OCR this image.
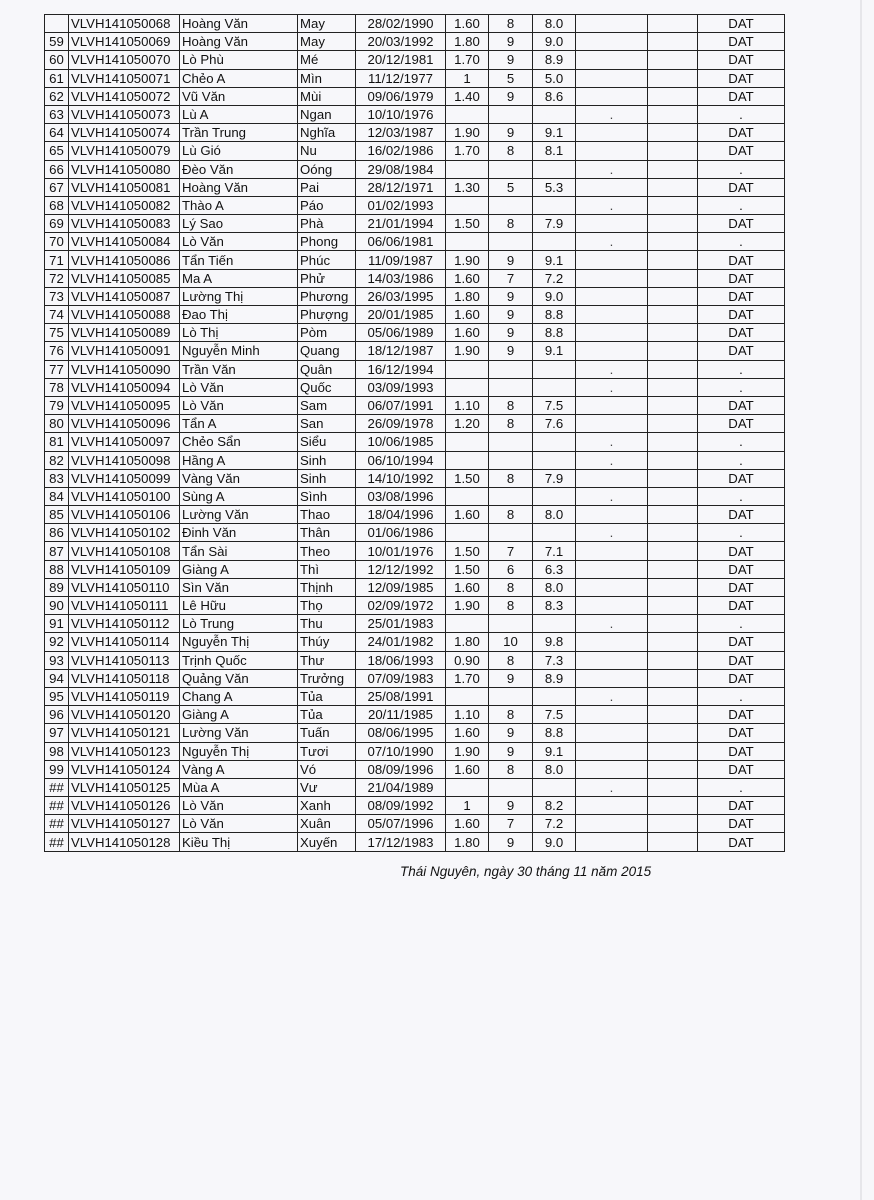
	VLVH141050068	Hoàng Văn	May	28/02/1990	1.60	8	8.0			DAT
59	VLVH141050069	Hoàng Văn	May	20/03/1992	1.80	9	9.0			DAT
60	VLVH141050070	Lò Phù	Mé	20/12/1981	1.70	9	8.9			DAT
61	VLVH141050071	Chẻo A	Mìn	11/12/1977	1	5	5.0			DAT
62	VLVH141050072	Vũ Văn	Mùi	09/06/1979	1.40	9	8.6			DAT
63	VLVH141050073	Lù A	Ngan	10/10/1976				.		.
64	VLVH141050074	Trần Trung	Nghĩa	12/03/1987	1.90	9	9.1			DAT
65	VLVH141050079	Lù Gió	Nu	16/02/1986	1.70	8	8.1			DAT
66	VLVH141050080	Đèo Văn	Oóng	29/08/1984				.		.
67	VLVH141050081	Hoàng Văn	Pai	28/12/1971	1.30	5	5.3			DAT
68	VLVH141050082	Thào A	Páo	01/02/1993				.		.
69	VLVH141050083	Lý Sao	Phà	21/01/1994	1.50	8	7.9			DAT
70	VLVH141050084	Lò Văn	Phong	06/06/1981				.		.
71	VLVH141050086	Tẩn Tiến	Phúc	11/09/1987	1.90	9	9.1			DAT
72	VLVH141050085	Ma A	Phử	14/03/1986	1.60	7	7.2			DAT
73	VLVH141050087	Lường Thị	Phương	26/03/1995	1.80	9	9.0			DAT
74	VLVH141050088	Đao Thị	Phượng	20/01/1985	1.60	9	8.8			DAT
75	VLVH141050089	Lò Thị	Pòm	05/06/1989	1.60	9	8.8			DAT
76	VLVH141050091	Nguyễn Minh	Quang	18/12/1987	1.90	9	9.1			DAT
77	VLVH141050090	Trần Văn	Quân	16/12/1994				.		.
78	VLVH141050094	Lò Văn	Quốc	03/09/1993				.		.
79	VLVH141050095	Lò Văn	Sam	06/07/1991	1.10	8	7.5			DAT
80	VLVH141050096	Tẩn A	San	26/09/1978	1.20	8	7.6			DAT
81	VLVH141050097	Chẻo Sẩn	Siểu	10/06/1985				.		.
82	VLVH141050098	Hầng A	Sinh	06/10/1994				.		.
83	VLVH141050099	Vàng Văn	Sinh	14/10/1992	1.50	8	7.9			DAT
84	VLVH141050100	Sùng A	Sình	03/08/1996				.		.
85	VLVH141050106	Lường Văn	Thao	18/04/1996	1.60	8	8.0			DAT
86	VLVH141050102	Đinh Văn	Thân	01/06/1986				.		.
87	VLVH141050108	Tẩn Sài	Theo	10/01/1976	1.50	7	7.1			DAT
88	VLVH141050109	Giàng A	Thì	12/12/1992	1.50	6	6.3			DAT
89	VLVH141050110	Sìn Văn	Thịnh	12/09/1985	1.60	8	8.0			DAT
90	VLVH141050111	Lê Hữu	Thọ	02/09/1972	1.90	8	8.3			DAT
91	VLVH141050112	Lò Trung	Thu	25/01/1983				.		.
92	VLVH141050114	Nguyễn Thị	Thúy	24/01/1982	1.80	10	9.8			DAT
93	VLVH141050113	Trịnh Quốc	Thư	18/06/1993	0.90	8	7.3			DAT
94	VLVH141050118	Quảng Văn	Trưởng	07/09/1983	1.70	9	8.9			DAT
95	VLVH141050119	Chang A	Tủa	25/08/1991				.		.
96	VLVH141050120	Giàng A	Tủa	20/11/1985	1.10	8	7.5			DAT
97	VLVH141050121	Lường Văn	Tuấn	08/06/1995	1.60	9	8.8			DAT
98	VLVH141050123	Nguyễn Thị	Tươi	07/10/1990	1.90	9	9.1			DAT
99	VLVH141050124	Vàng A	Vó	08/09/1996	1.60	8	8.0			DAT
##	VLVH141050125	Mùa A	Vư	21/04/1989				.		.
##	VLVH141050126	Lò Văn	Xanh	08/09/1992	1	9	8.2			DAT
##	VLVH141050127	Lò Văn	Xuân	05/07/1996	1.60	7	7.2			DAT
##	VLVH141050128	Kiều Thị	Xuyến	17/12/1983	1.80	9	9.0			DAT
Thái Nguyên, ngày 30 tháng 11 năm 2015
